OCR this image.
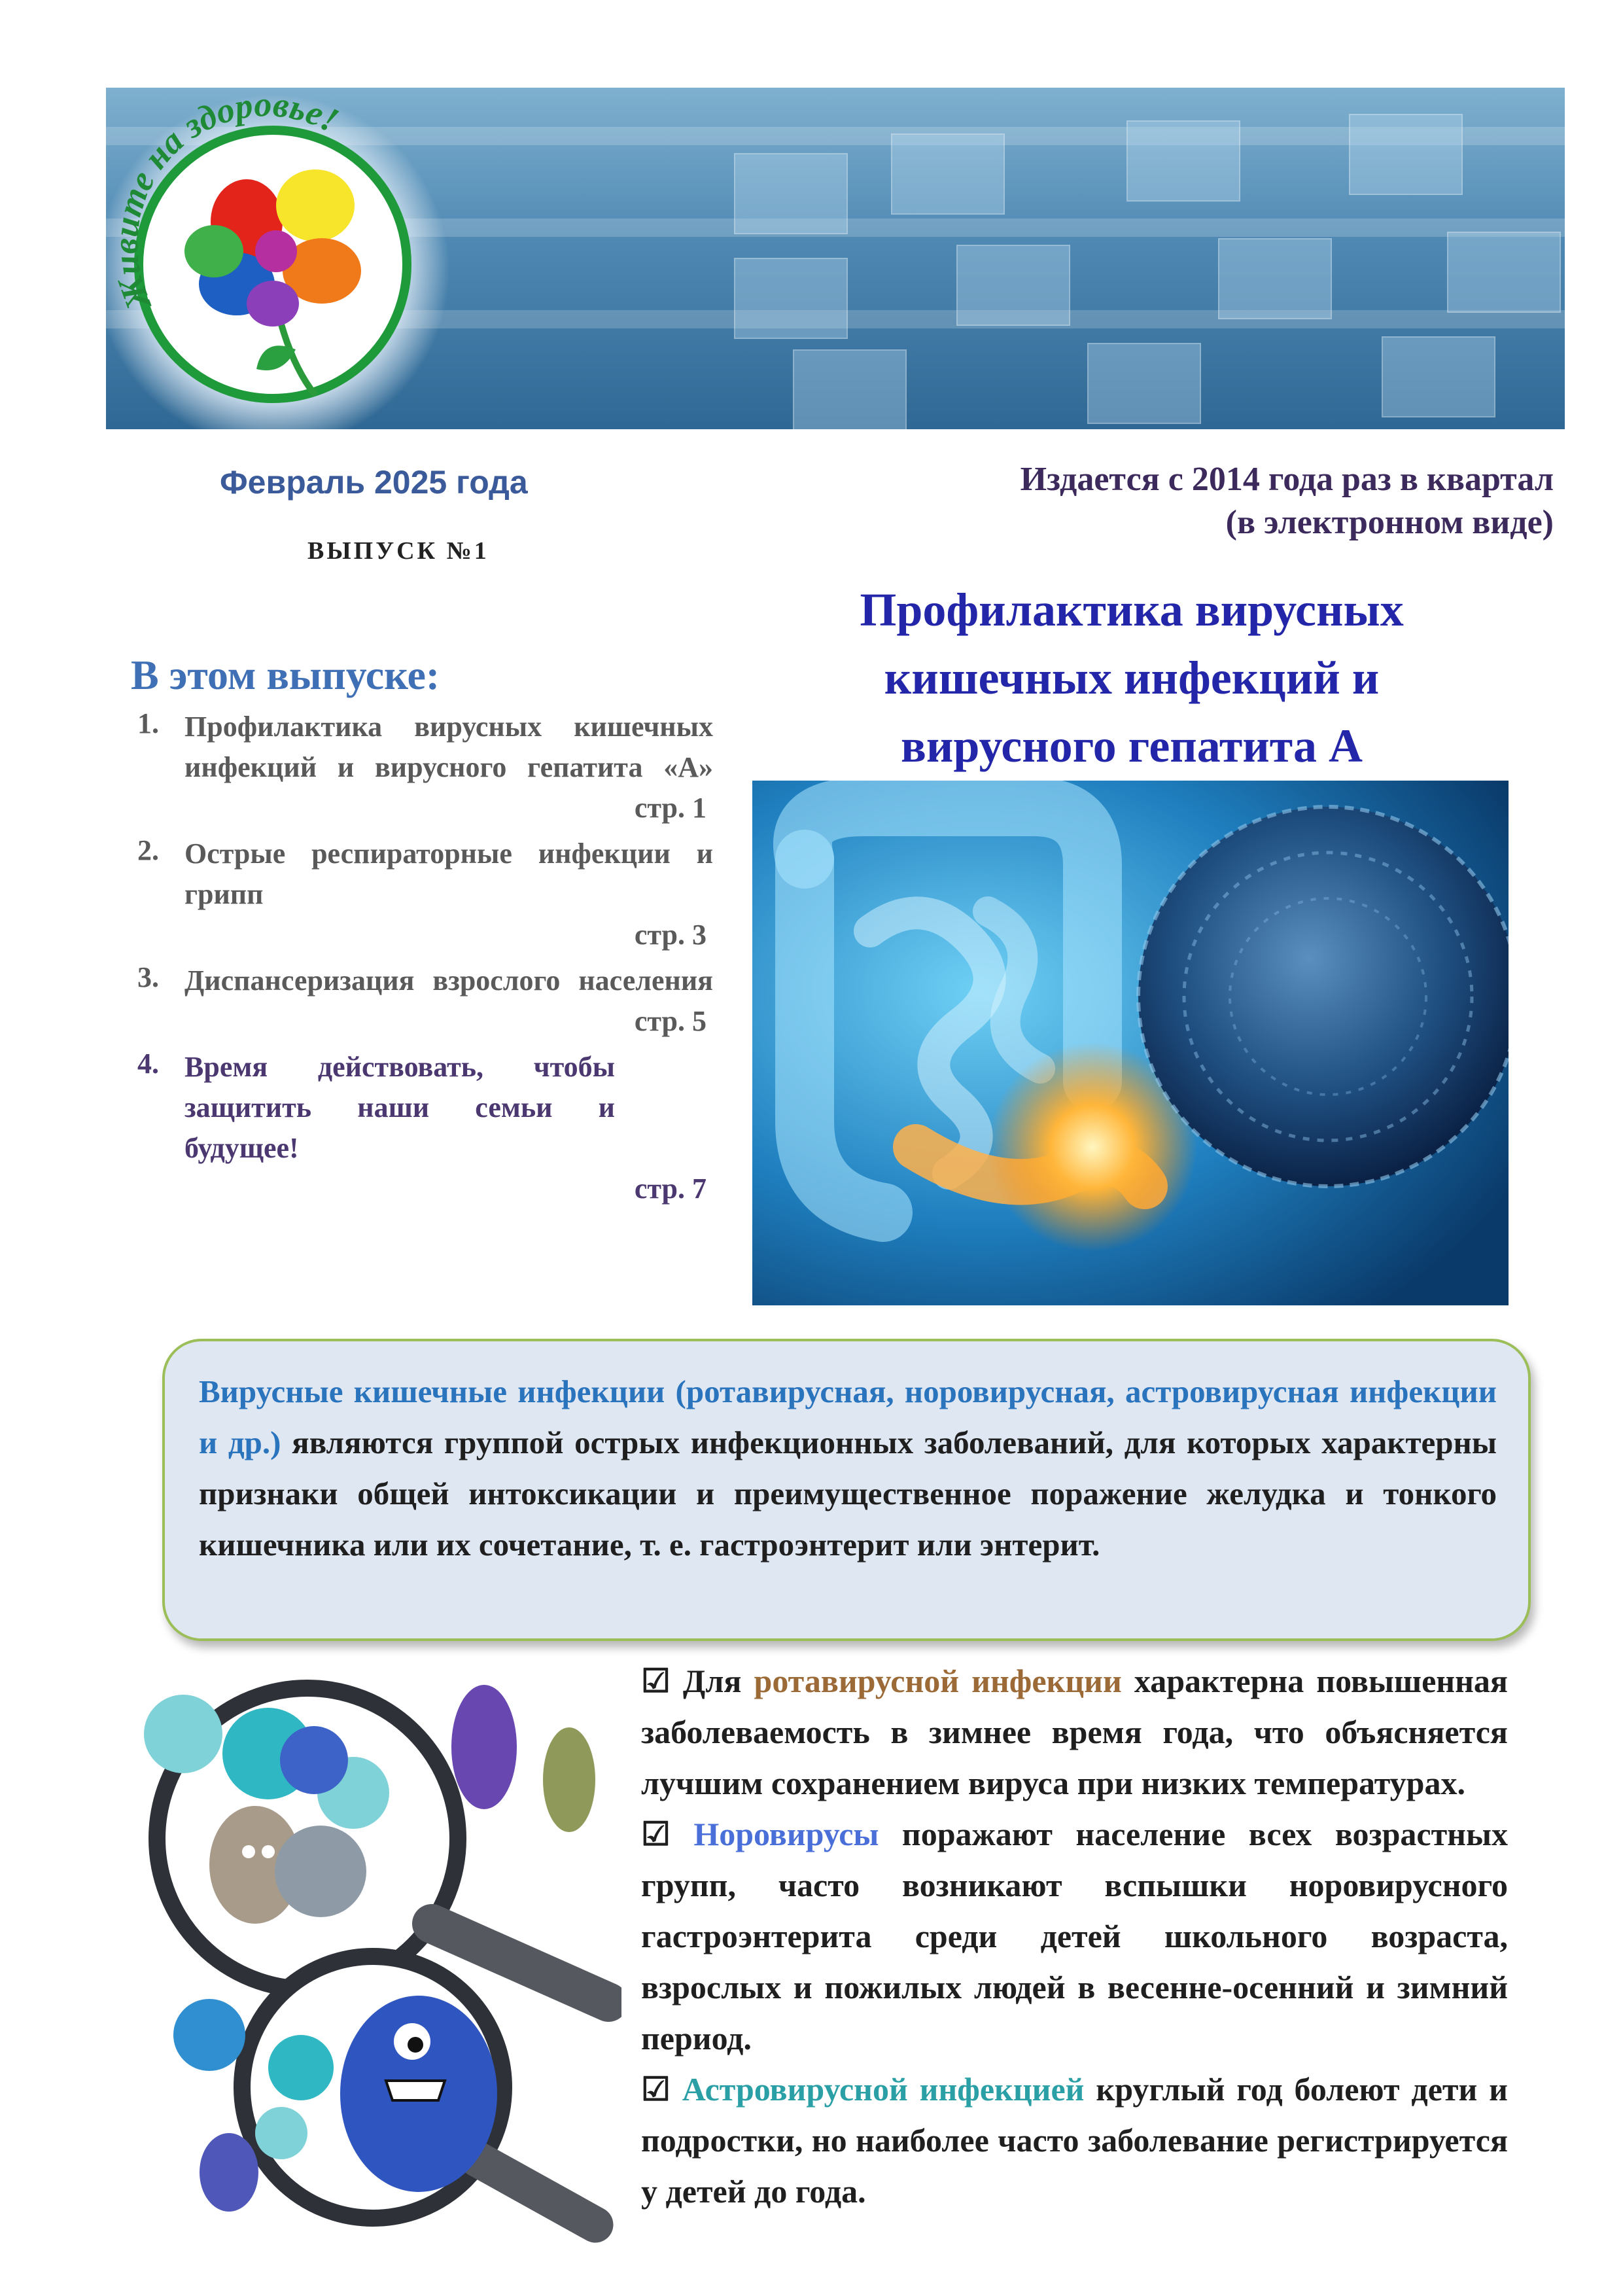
Живите на здоровье!
Февраль 2025 года	Издается с 2014 года раз в квартал
(в электронном виде)
ВЫПУСК №1
В этом выпуске:
1. Профилактика вирусных кишечных инфекций и вирусного гепатита «А»
стр. 1
2. Острые респираторные инфекции и грипп
стр. 3
3. Диспансеризация взрослого населения
стр. 5
4. Время действовать, чтобы защитить наши семьи и будущее!
стр. 7
Профилактика вирусных
кишечных инфекций и
вирусного гепатита А
Вирусные кишечные инфекции (ротавирусная, норовирусная, астровирусная инфекции и др.) являются группой острых инфекционных заболеваний, для которых характерны признаки общей интоксикации и преимущественное поражение желудка и тонкого кишечника или их сочетание, т. е. гастроэнтерит или энтерит.

☑ Для ротавирусной инфекции характерна повышенная заболеваемость в зимнее время года, что объясняется лучшим сохранением вируса при низких температурах.

☑ Норовирусы поражают население всех возрастных групп, часто возникают вспышки норовирусного гастроэнтерита среди детей школьного возраста, взрослых и пожилых людей в весенне-осенний и зимний период.

☑ Астровирусной инфекцией круглый год болеют дети и подростки, но наиболее часто заболевание регистрируется у детей до года.
